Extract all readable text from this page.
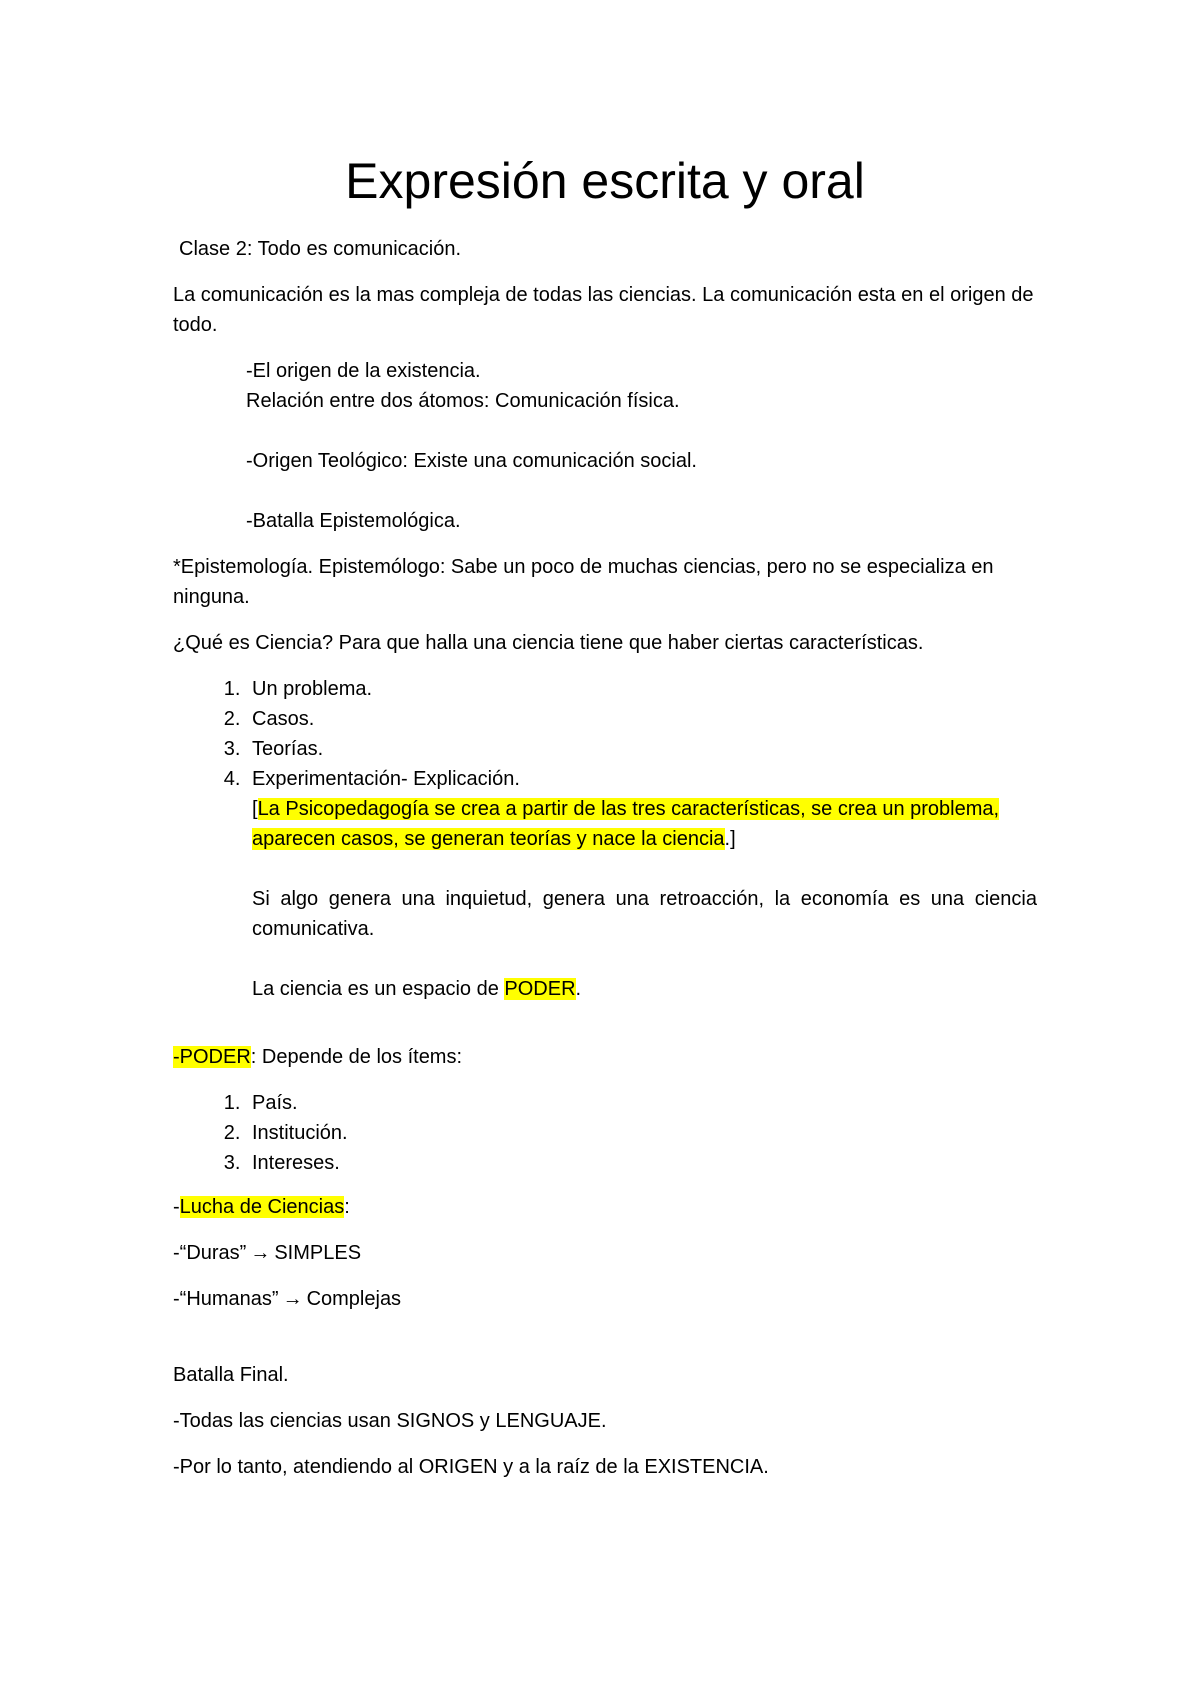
Expresión escrita y oral

Clase 2: Todo es comunicación.

La comunicación es la mas compleja de todas las ciencias. La comunicación esta en el origen de todo.

-El origen de la existencia.

Relación entre dos átomos: Comunicación física.

-Origen Teológico: Existe una comunicación social.

-Batalla Epistemológica.

*Epistemología. Epistemólogo: Sabe un poco de muchas ciencias, pero no se especializa en ninguna.

¿Qué es Ciencia? Para que halla una ciencia tiene que haber ciertas características.

1. Un problema.
2. Casos.
3. Teorías.
4. Experimentación- Explicación.

[La Psicopedagogía se crea a partir de las tres características, se crea un problema, aparecen casos, se generan teorías y nace la ciencia.]

Si algo genera una inquietud, genera una retroacción, la economía es una ciencia comunicativa.

La ciencia es un espacio de PODER.

-PODER: Depende de los ítems:

1. País.
2. Institución.
3. Intereses.

-Lucha de Ciencias:

-“Duras” → SIMPLES

-“Humanas” → Complejas

Batalla Final.

-Todas las ciencias usan SIGNOS y LENGUAJE.

-Por lo tanto, atendiendo al ORIGEN y a la raíz de la EXISTENCIA.
